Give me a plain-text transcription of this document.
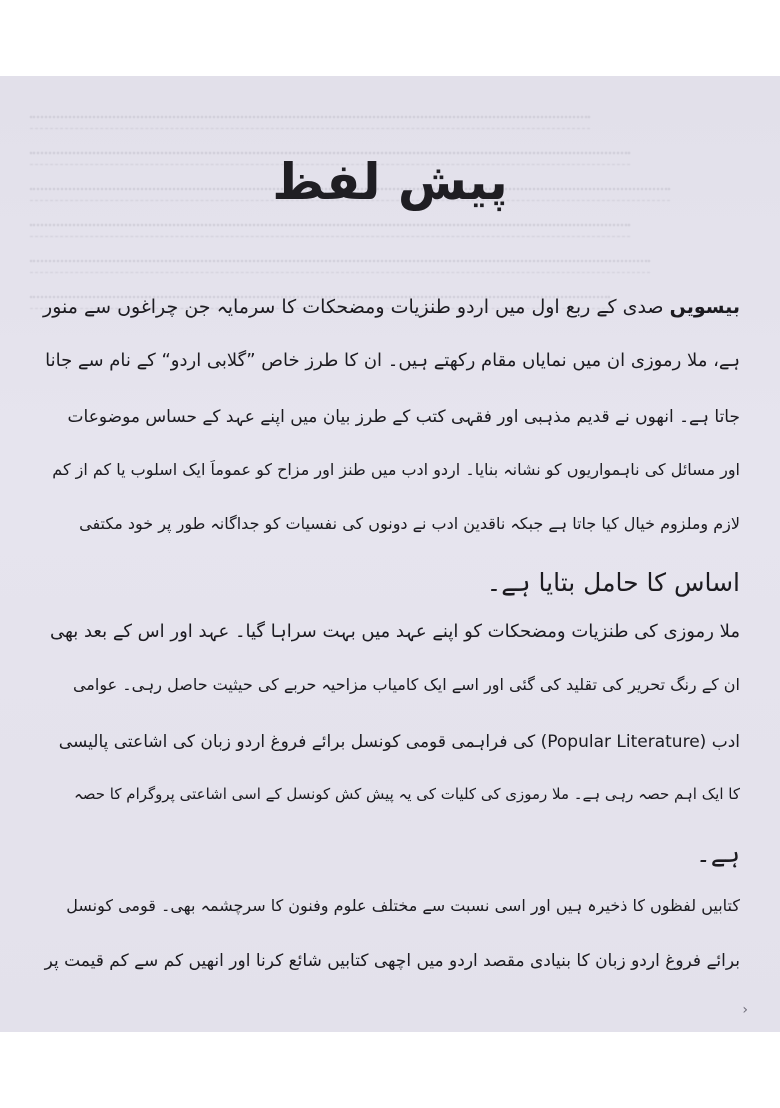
پیش لفظ
بیسویں صدی کے ربع اول میں اردو طنزیات ومضحکات کا سرمایہ جن چراغوں سے منور
ہے، ملا رموزی ان میں نمایاں مقام رکھتے ہیں۔ ان کا طرز خاص ”گلابی اردو“ کے نام سے جانا
جاتا ہے۔ انھوں نے قدیم مذہبی اور فقہی کتب کے طرز بیان میں اپنے عہد کے حساس موضوعات
اور مسائل کی ناہمواریوں کو نشانہ بنایا۔ اردو ادب میں طنز اور مزاح کو عموماً ایک اسلوب یا کم از کم
لازم وملزوم خیال کیا جاتا ہے جبکہ ناقدین ادب نے دونوں کی نفسیات کو جداگانہ طور پر خود مکتفی
اساس کا حامل بتایا ہے۔
ملا رموزی کی طنزیات ومضحکات کو اپنے عہد میں بہت سراہا گیا۔ عہد اور اس کے بعد بھی
ان کے رنگ تحریر کی تقلید کی گئی اور اسے ایک کامیاب مزاحیہ حربے کی حیثیت حاصل رہی۔ عوامی
ادب (Popular Literature) کی فراہمی قومی کونسل برائے فروغ اردو زبان کی اشاعتی پالیسی
کا ایک اہم حصہ رہی ہے۔ ملا رموزی کی کلیات کی یہ پیش کش کونسل کے اسی اشاعتی پروگرام کا حصہ
ہے۔
کتابیں لفظوں کا ذخیرہ ہیں اور اسی نسبت سے مختلف علوم وفنون کا سرچشمہ بھی۔ قومی کونسل
برائے فروغ اردو زبان کا بنیادی مقصد اردو میں اچھی کتابیں شائع کرنا اور انھیں کم سے کم قیمت پر
›
